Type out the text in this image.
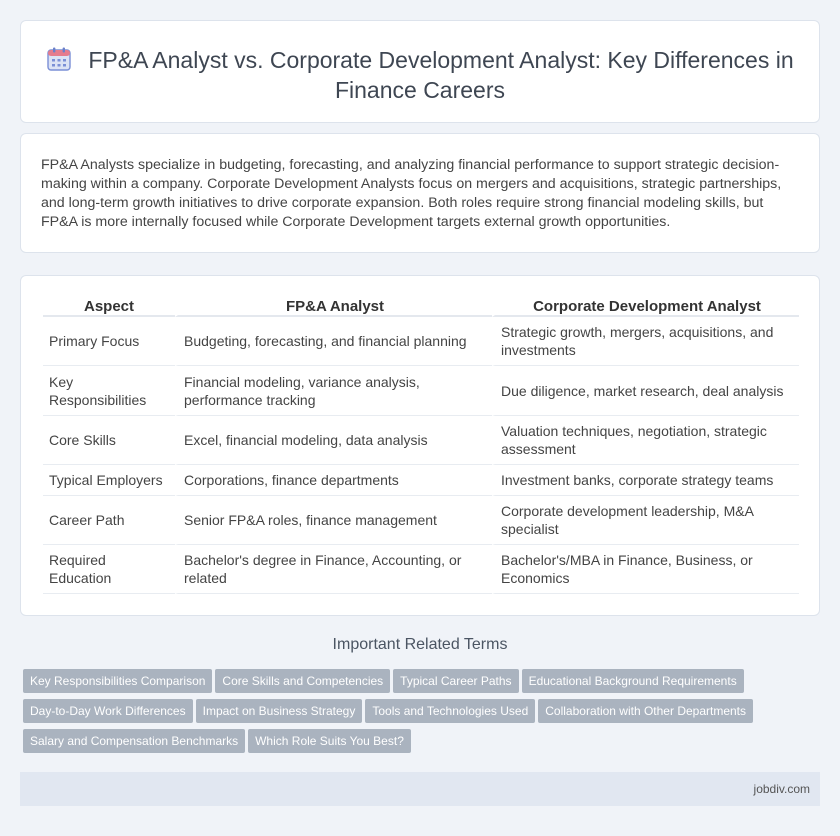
FP&A Analyst vs. Corporate Development Analyst: Key Differences in Finance Careers

FP&A Analysts specialize in budgeting, forecasting, and analyzing financial performance to support strategic decision-making within a company. Corporate Development Analysts focus on mergers and acquisitions, strategic partnerships, and long-term growth initiatives to drive corporate expansion. Both roles require strong financial modeling skills, but FP&A is more internally focused while Corporate Development targets external growth opportunities.

Aspect	FP&A Analyst	Corporate Development Analyst
Primary Focus	Budgeting, forecasting, and financial planning	Strategic growth, mergers, acquisitions, and investments
Key Responsibilities	Financial modeling, variance analysis, performance tracking	Due diligence, market research, deal analysis
Core Skills	Excel, financial modeling, data analysis	Valuation techniques, negotiation, strategic assessment
Typical Employers	Corporations, finance departments	Investment banks, corporate strategy teams
Career Path	Senior FP&A roles, finance management	Corporate development leadership, M&A specialist
Required Education	Bachelor's degree in Finance, Accounting, or related	Bachelor's/MBA in Finance, Business, or Economics
Important Related Terms
Key Responsibilities Comparison Core Skills and Competencies Typical Career Paths Educational Background Requirements
Day-to-Day Work Differences Impact on Business Strategy Tools and Technologies Used Collaboration with Other Departments
Salary and Compensation Benchmarks Which Role Suits You Best?
jobdiv.com
